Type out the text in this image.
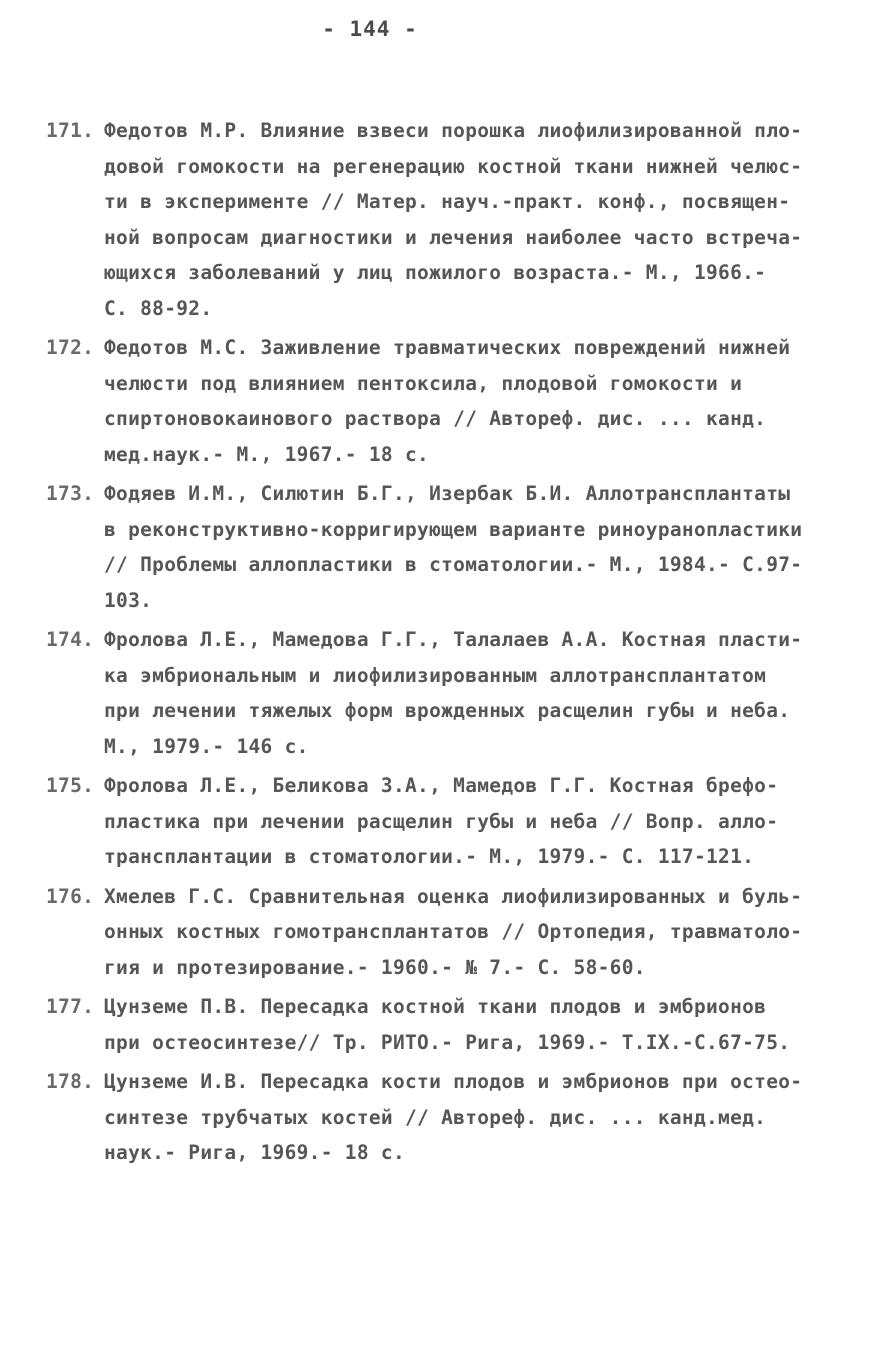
- 144 -
171. Федотов М.Р. Влияние взвеси порошка лиофилизированной пло-
довой гомокости на регенерацию костной ткани нижней челюс-
ти в эксперименте // Матер. науч.-практ. конф., посвящен-
ной вопросам диагностики и лечения наиболее часто встреча-
ющихся заболеваний у лиц пожилого возраста.- М., 1966.-
С. 88-92.
172. Федотов М.С. Заживление травматических повреждений нижней
челюсти под влиянием пентоксила, плодовой гомокости и
спиртоновокаинового раствора // Автореф. дис. ... канд.
мед.наук.- М., 1967.- 18 с.
173. Фодяев И.М., Силютин Б.Г., Изербак Б.И. Аллотрансплантаты
в реконструктивно-корригирующем варианте риноуранопластики
// Проблемы аллопластики в стоматологии.- М., 1984.- С.97-
103.
174. Фролова Л.Е., Мамедова Г.Г., Талалаев А.А. Костная пласти-
ка эмбриональным и лиофилизированным аллотрансплантатом
при лечении тяжелых форм врожденных расщелин губы и неба.
М., 1979.- 146 с.
175. Фролова Л.Е., Беликова З.А., Мамедов Г.Г. Костная брефо-
пластика при лечении расщелин губы и неба // Вопр. алло-
трансплантации в стоматологии.- М., 1979.- С. 117-121.
176. Хмелев Г.С. Сравнительная оценка лиофилизированных и буль-
онных костных гомотрансплантатов // Ортопедия, травматоло-
гия и протезирование.- 1960.- № 7.- С. 58-60.
177. Цунземе П.В. Пересадка костной ткани плодов и эмбрионов
при остеосинтезе// Тр. РИТО.- Рига, 1969.- Т.IX.-С.67-75.
178. Цунземе И.В. Пересадка кости плодов и эмбрионов при остео-
синтезе трубчатых костей // Автореф. дис. ... канд.мед.
наук.- Рига, 1969.- 18 с.
